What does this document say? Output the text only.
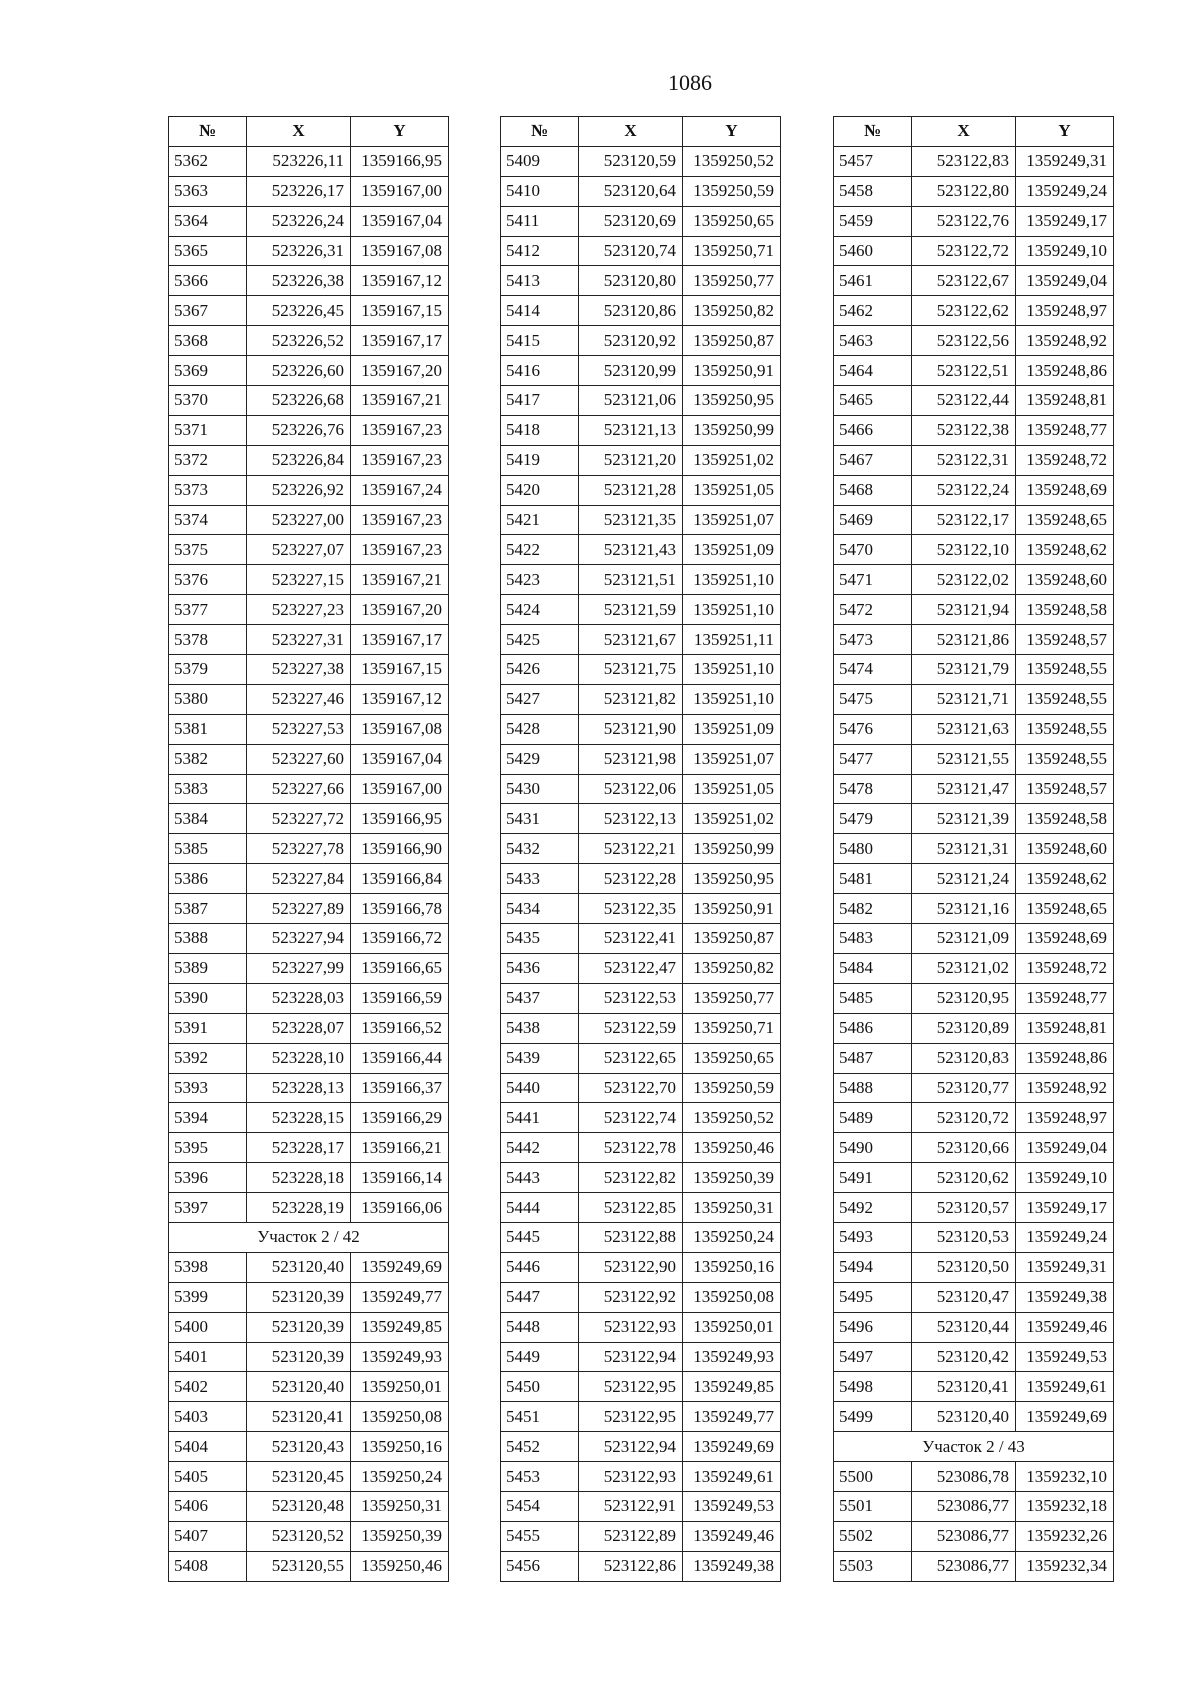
1086
№	X	Y
5362	523226,11	1359166,95
5363	523226,17	1359167,00
5364	523226,24	1359167,04
5365	523226,31	1359167,08
5366	523226,38	1359167,12
5367	523226,45	1359167,15
5368	523226,52	1359167,17
5369	523226,60	1359167,20
5370	523226,68	1359167,21
5371	523226,76	1359167,23
5372	523226,84	1359167,23
5373	523226,92	1359167,24
5374	523227,00	1359167,23
5375	523227,07	1359167,23
5376	523227,15	1359167,21
5377	523227,23	1359167,20
5378	523227,31	1359167,17
5379	523227,38	1359167,15
5380	523227,46	1359167,12
5381	523227,53	1359167,08
5382	523227,60	1359167,04
5383	523227,66	1359167,00
5384	523227,72	1359166,95
5385	523227,78	1359166,90
5386	523227,84	1359166,84
5387	523227,89	1359166,78
5388	523227,94	1359166,72
5389	523227,99	1359166,65
5390	523228,03	1359166,59
5391	523228,07	1359166,52
5392	523228,10	1359166,44
5393	523228,13	1359166,37
5394	523228,15	1359166,29
5395	523228,17	1359166,21
5396	523228,18	1359166,14
5397	523228,19	1359166,06
Участок 2 / 42		
5398	523120,40	1359249,69
5399	523120,39	1359249,77
5400	523120,39	1359249,85
5401	523120,39	1359249,93
5402	523120,40	1359250,01
5403	523120,41	1359250,08
5404	523120,43	1359250,16
5405	523120,45	1359250,24
5406	523120,48	1359250,31
5407	523120,52	1359250,39
5408	523120,55	1359250,46
№	X	Y
5409	523120,59	1359250,52
5410	523120,64	1359250,59
5411	523120,69	1359250,65
5412	523120,74	1359250,71
5413	523120,80	1359250,77
5414	523120,86	1359250,82
5415	523120,92	1359250,87
5416	523120,99	1359250,91
5417	523121,06	1359250,95
5418	523121,13	1359250,99
5419	523121,20	1359251,02
5420	523121,28	1359251,05
5421	523121,35	1359251,07
5422	523121,43	1359251,09
5423	523121,51	1359251,10
5424	523121,59	1359251,10
5425	523121,67	1359251,11
5426	523121,75	1359251,10
5427	523121,82	1359251,10
5428	523121,90	1359251,09
5429	523121,98	1359251,07
5430	523122,06	1359251,05
5431	523122,13	1359251,02
5432	523122,21	1359250,99
5433	523122,28	1359250,95
5434	523122,35	1359250,91
5435	523122,41	1359250,87
5436	523122,47	1359250,82
5437	523122,53	1359250,77
5438	523122,59	1359250,71
5439	523122,65	1359250,65
5440	523122,70	1359250,59
5441	523122,74	1359250,52
5442	523122,78	1359250,46
5443	523122,82	1359250,39
5444	523122,85	1359250,31
5445	523122,88	1359250,24
5446	523122,90	1359250,16
5447	523122,92	1359250,08
5448	523122,93	1359250,01
5449	523122,94	1359249,93
5450	523122,95	1359249,85
5451	523122,95	1359249,77
5452	523122,94	1359249,69
5453	523122,93	1359249,61
5454	523122,91	1359249,53
5455	523122,89	1359249,46
5456	523122,86	1359249,38
№	X	Y
5457	523122,83	1359249,31
5458	523122,80	1359249,24
5459	523122,76	1359249,17
5460	523122,72	1359249,10
5461	523122,67	1359249,04
5462	523122,62	1359248,97
5463	523122,56	1359248,92
5464	523122,51	1359248,86
5465	523122,44	1359248,81
5466	523122,38	1359248,77
5467	523122,31	1359248,72
5468	523122,24	1359248,69
5469	523122,17	1359248,65
5470	523122,10	1359248,62
5471	523122,02	1359248,60
5472	523121,94	1359248,58
5473	523121,86	1359248,57
5474	523121,79	1359248,55
5475	523121,71	1359248,55
5476	523121,63	1359248,55
5477	523121,55	1359248,55
5478	523121,47	1359248,57
5479	523121,39	1359248,58
5480	523121,31	1359248,60
5481	523121,24	1359248,62
5482	523121,16	1359248,65
5483	523121,09	1359248,69
5484	523121,02	1359248,72
5485	523120,95	1359248,77
5486	523120,89	1359248,81
5487	523120,83	1359248,86
5488	523120,77	1359248,92
5489	523120,72	1359248,97
5490	523120,66	1359249,04
5491	523120,62	1359249,10
5492	523120,57	1359249,17
5493	523120,53	1359249,24
5494	523120,50	1359249,31
5495	523120,47	1359249,38
5496	523120,44	1359249,46
5497	523120,42	1359249,53
5498	523120,41	1359249,61
5499	523120,40	1359249,69
Участок 2 / 43		
5500	523086,78	1359232,10
5501	523086,77	1359232,18
5502	523086,77	1359232,26
5503	523086,77	1359232,34
